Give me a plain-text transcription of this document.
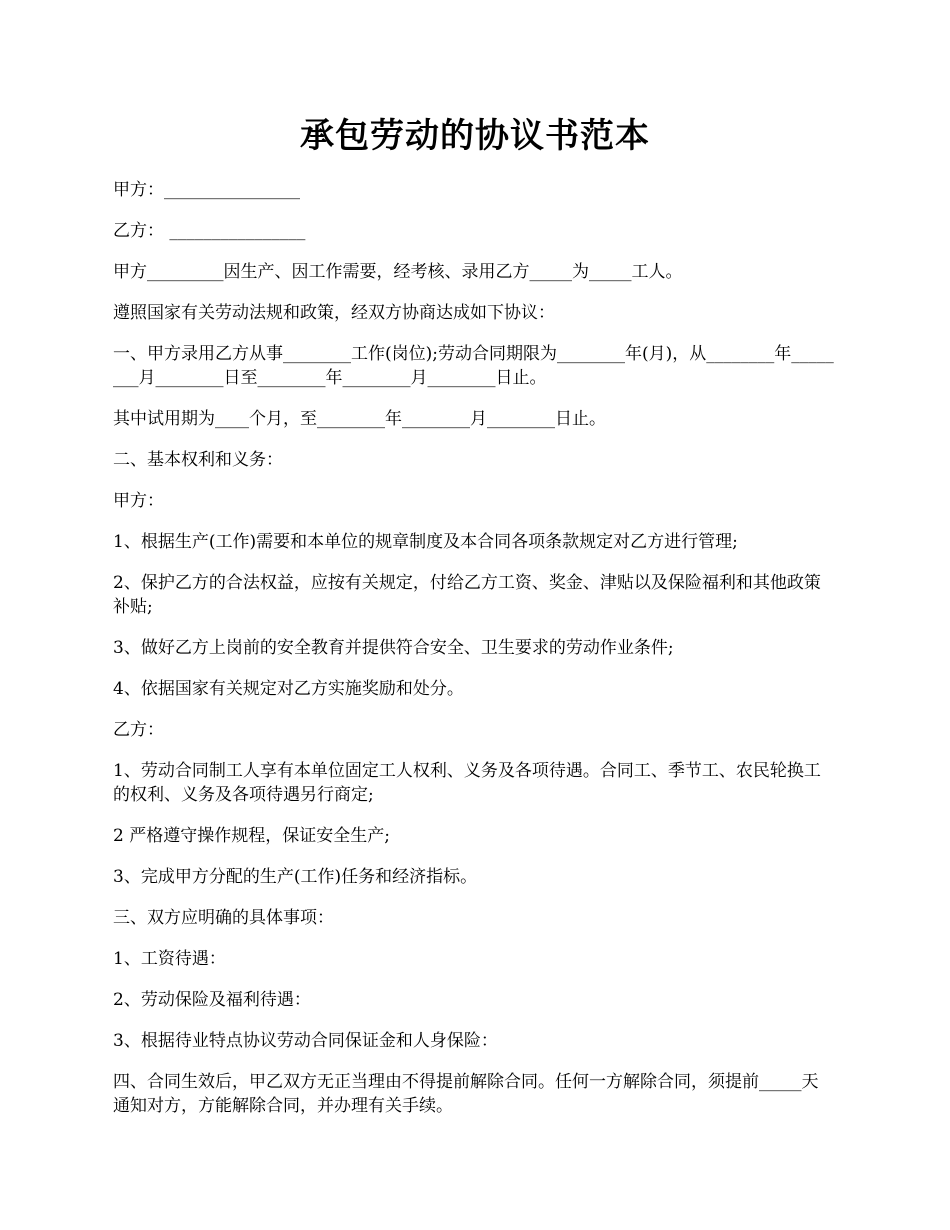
承包劳动的协议书范本

甲方：________________

乙方： ________________

甲方_________因生产、因工作需要，经考核、录用乙方_____为_____工人。

遵照国家有关劳动法规和政策，经双方协商达成如下协议：

一、甲方录用乙方从事________工作(岗位);劳动合同期限为________年(月)，从________年________月________日至________年________月________日止。

其中试用期为____个月，至________年________月________日止。

二、基本权利和义务：

甲方：

1、根据生产(工作)需要和本单位的规章制度及本合同各项条款规定对乙方进行管理;

2、保护乙方的合法权益，应按有关规定，付给乙方工资、奖金、津贴以及保险福利和其他政策补贴;

3、做好乙方上岗前的安全教育并提供符合安全、卫生要求的劳动作业条件;

4、依据国家有关规定对乙方实施奖励和处分。

乙方：

1、劳动合同制工人享有本单位固定工人权利、义务及各项待遇。合同工、季节工、农民轮换工的权利、义务及各项待遇另行商定;

2 严格遵守操作规程，保证安全生产;

3、完成甲方分配的生产(工作)任务和经济指标。

三、双方应明确的具体事项：

1、工资待遇：

2、劳动保险及福利待遇：

3、根据待业特点协议劳动合同保证金和人身保险：

四、合同生效后，甲乙双方无正当理由不得提前解除合同。任何一方解除合同，须提前_____天通知对方，方能解除合同，并办理有关手续。
